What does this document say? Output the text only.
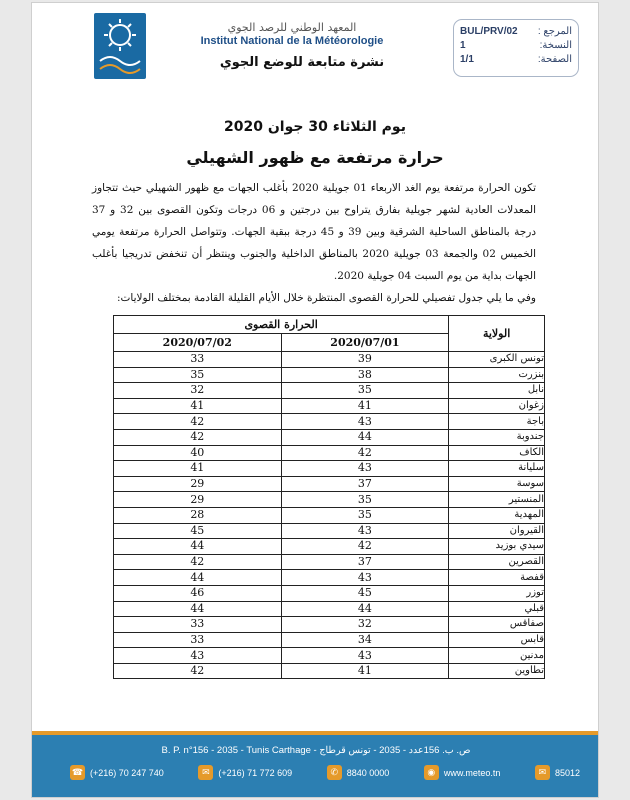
المعهد الوطني للرصد الجوي
Institut National de la Météorologie
نشرة متابعة للوضع الجوي
المرجع :
BUL/PRV/02
النسخة:
1
الصفحة:
1/1
يوم الثلاثاء 30 جوان 2020
حرارة مرتفعة مع ظهور الشهيلي

تكون الحرارة مرتفعة يوم الغد الاربعاء 01 جويلية 2020 بأغلب الجهات مع ظهور الشهيلي حيث تتجاوز المعدلات العادية لشهر جويلية بفارق يتراوح بين درجتين و 06 درجات وتكون القصوى بين 32 و 37 درجة بالمناطق الساحلية الشرقية وبين 39 و 45 درجة ببقية الجهات. وتتواصل الحرارة مرتفعة يومي الخميس 02 والجمعة 03 جويلية 2020 بالمناطق الداخلية والجنوب وينتظر أن تنخفض تدريجيا بأغلب الجهات بداية من يوم السبت 04 جويلية 2020.

وفي ما يلي جدول تفصيلي للحرارة القصوى المنتظرة خلال الأيام القليلة القادمة بمختلف الولايات:

الولاية	الحرارة القصوى	
	2020/07/01	2020/07/02
تونس الكبرى	39	33
بنزرت	38	35
نابل	35	32
زغوان	41	41
باجة	43	42
جندوبة	44	42
الكاف	42	40
سليانة	43	41
سوسة	37	29
المنستير	35	29
المهدية	35	28
القيروان	43	45
سيدي بوزيد	42	44
القصرين	37	42
قفصة	43	44
توزر	45	46
قبلي	44	44
صفاقس	32	33
قابس	34	33
مدنين	43	43
تطاوين	41	42
B. P. n°156 - 2035 - Tunis Carthage - ص. ب. 156عدد - 2035 - تونس قرطاج
☎ (+216) 70 247 740	✉ (+216) 71 772 609	✆ 8840 0000	◉ www.meteo.tn	✉ 85012
